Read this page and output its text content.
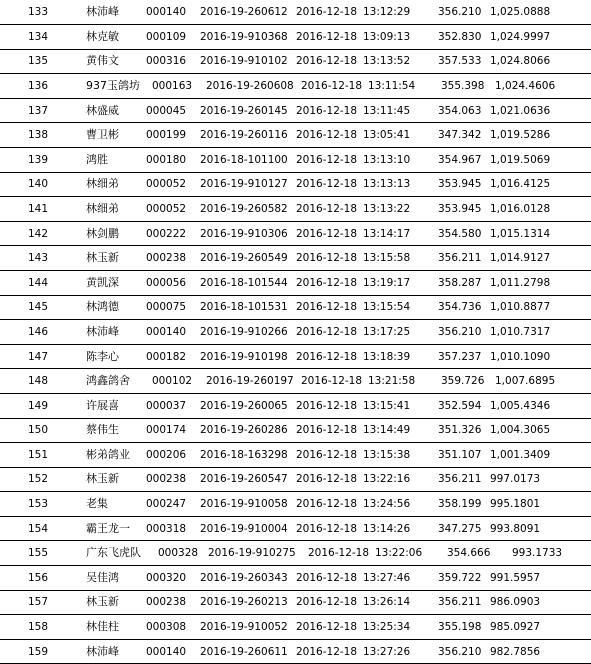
133	林沛峰	000140 2016-19-260612 2016-12-18 13:12:29	356.210 1,025.0888
134	林克敏	000109 2016-19-910368 2016-12-18 13:09:13	352.830 1,024.9997
135	黄伟文	000316 2016-19-910102 2016-12-18 13:13:52	357.533 1,024.8066
136	937玉鸽坊 000163 2016-19-260608 2016-12-18 13:11:54 355.398 1,024.4606
137	林盛威	000045 2016-19-260145 2016-12-18 13:11:45	354.063 1,021.0636
138	曹卫彬	000199 2016-19-260116 2016-12-18 13:05:41	347.342 1,019.5286
139	鸿胜	000180 2016-18-101100 2016-12-18 13:13:10	354.967 1,019.5069
140	林细弟	000052 2016-19-910127 2016-12-18 13:13:13	353.945 1,016.4125
141	林细弟	000052 2016-19-260582 2016-12-18 13:13:22	353.945 1,016.0128
142	林剑鹏	000222 2016-19-910306 2016-12-18 13:14:17	354.580 1,015.1314
143	林玉新	000238 2016-19-260549 2016-12-18 13:15:58	356.211 1,014.9127
144	黄凯深	000056 2016-18-101544 2016-12-18 13:19:17	358.287 1,011.2798
145	林鸿德	000075 2016-18-101531 2016-12-18 13:15:54	354.736 1,010.8877
146	林沛峰	000140 2016-19-910266 2016-12-18 13:17:25	356.210 1,010.7317
147	陈李心	000182 2016-19-910198 2016-12-18 13:18:39	357.237 1,010.1090
148	鸿鑫鸽舍 000102 2016-19-260197 2016-12-18 13:21:58 359.726 1,007.6895
149	许展喜	000037 2016-19-260065 2016-12-18 13:15:41	352.594 1,005.4346
150	蔡伟生	000174 2016-19-260286 2016-12-18 13:14:49	351.326 1,004.3065
151	彬弟鸽业 000206 2016-18-163298 2016-12-18 13:15:38	351.107 1,001.3409
152	林玉新	000238 2016-19-260547 2016-12-18 13:22:16	356.211 997.0173
153	老集	000247 2016-19-910058 2016-12-18 13:24:56	358.199 995.1801
154	霸王龙一 000318 2016-19-910004 2016-12-18 13:14:26	347.275 993.8091
155	广东飞虎队 000328 2016-19-910275 2016-12-18 13:22:06 354.666 993.1733
156	吴佳鸿	000320 2016-19-260343 2016-12-18 13:27:46	359.722 991.5957
157	林玉新	000238 2016-19-260213 2016-12-18 13:26:14	356.211 986.0903
158	林佳柱	000308 2016-19-910052 2016-12-18 13:25:34	355.198 985.0927
159	林沛峰	000140 2016-19-260611 2016-12-18 13:27:26	356.210 982.7856
